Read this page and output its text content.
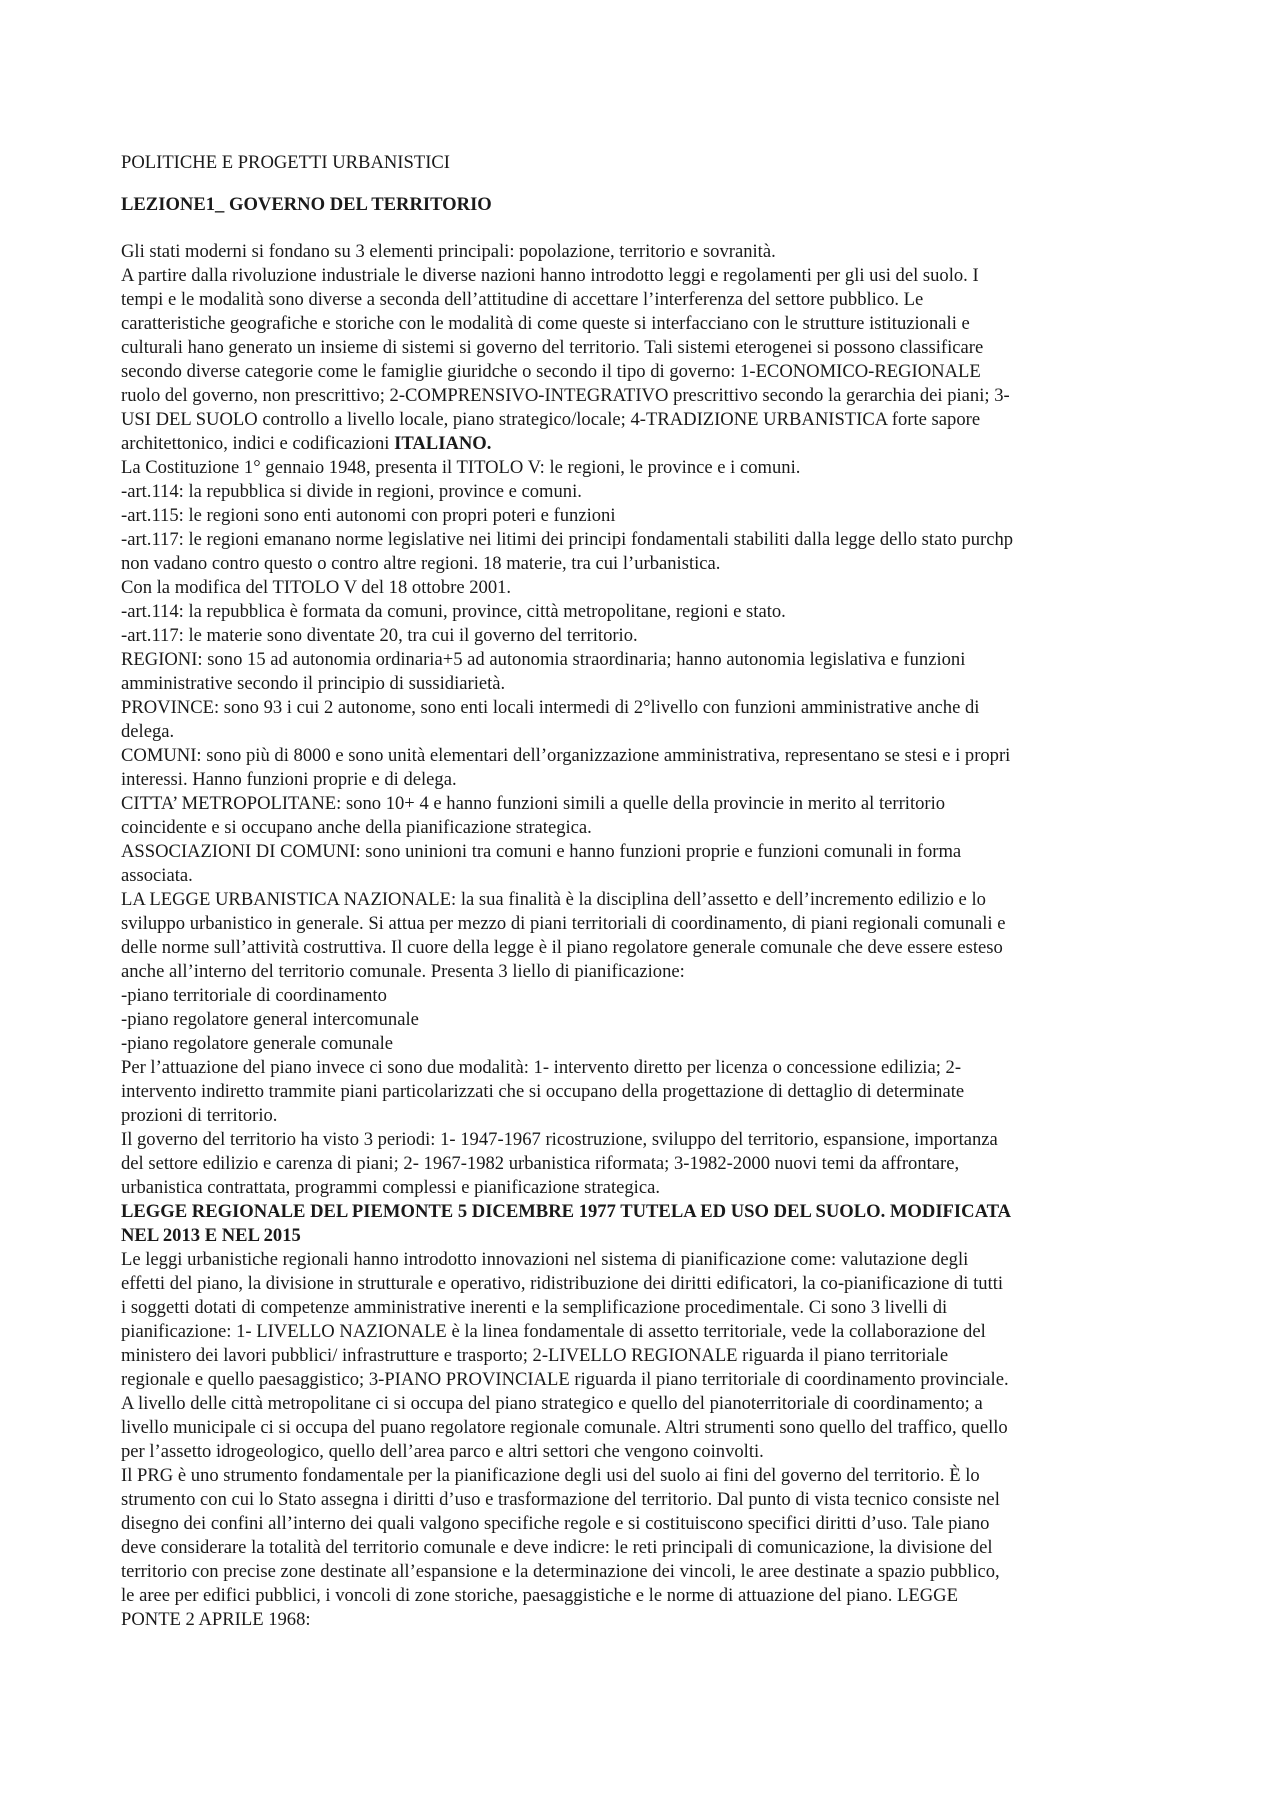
POLITICHE E PROGETTI URBANISTICI

LEZIONE1_ GOVERNO DEL TERRITORIO

Gli stati moderni si fondano su 3 elementi principali: popolazione, territorio e sovranità.
A partire dalla rivoluzione industriale le diverse nazioni hanno introdotto leggi e regolamenti per gli usi del suolo. I
tempi e le modalità sono diverse a seconda dell’attitudine di accettare l’interferenza del settore pubblico. Le
caratteristiche geografiche e storiche con le modalità di come queste si interfacciano con le strutture istituzionali e
culturali hano generato un insieme di sistemi si governo del territorio. Tali sistemi eterogenei si possono classificare
secondo diverse categorie come le famiglie giuridche o secondo il tipo di governo: 1-ECONOMICO-REGIONALE
ruolo del governo, non prescrittivo; 2-COMPRENSIVO-INTEGRATIVO prescrittivo secondo la gerarchia dei piani; 3-
USI DEL SUOLO controllo a livello locale, piano strategico/locale; 4-TRADIZIONE URBANISTICA forte sapore
architettonico, indici e codificazioni ITALIANO.
La Costituzione 1° gennaio 1948, presenta il TITOLO V: le regioni, le province e i comuni.
-art.114: la repubblica si divide in regioni, province e comuni.
-art.115: le regioni sono enti autonomi con propri poteri e funzioni
-art.117: le regioni emanano norme legislative nei litimi dei principi fondamentali stabiliti dalla legge dello stato purchp
non vadano contro questo o contro altre regioni. 18 materie, tra cui l’urbanistica.
Con la modifica del TITOLO V del 18 ottobre 2001.
-art.114: la repubblica è formata da comuni, province, città metropolitane, regioni e stato.
-art.117: le materie sono diventate 20, tra cui il governo del territorio.
REGIONI: sono 15 ad autonomia ordinaria+5 ad autonomia straordinaria; hanno autonomia legislativa e funzioni
amministrative secondo il principio di sussidiarietà.
PROVINCE: sono 93 i cui 2 autonome, sono enti locali intermedi di 2°livello con funzioni amministrative anche di
delega.
COMUNI: sono più di 8000 e sono unità elementari dell’organizzazione amministrativa, representano se stesi e i propri
interessi. Hanno funzioni proprie e di delega.
CITTA’ METROPOLITANE: sono 10+ 4 e hanno funzioni simili a quelle della provincie in merito al territorio
coincidente e si occupano anche della pianificazione strategica.
ASSOCIAZIONI DI COMUNI: sono uninioni tra comuni e hanno funzioni proprie e funzioni comunali in forma
associata.
LA LEGGE URBANISTICA NAZIONALE: la sua finalità è la disciplina dell’assetto e dell’incremento edilizio e lo
sviluppo urbanistico in generale. Si attua per mezzo di piani territoriali di coordinamento, di piani regionali comunali e
delle norme sull’attività costruttiva. Il cuore della legge è il piano regolatore generale comunale che deve essere esteso
anche all’interno del territorio comunale. Presenta 3 liello di pianificazione:
-piano territoriale di coordinamento
-piano regolatore general intercomunale
-piano regolatore generale comunale
Per l’attuazione del piano invece ci sono due modalità: 1- intervento diretto per licenza o concessione edilizia; 2-
intervento indiretto trammite piani particolarizzati che si occupano della progettazione di dettaglio di determinate
prozioni di territorio.
Il governo del territorio ha visto 3 periodi: 1- 1947-1967 ricostruzione, sviluppo del territorio, espansione, importanza
del settore edilizio e carenza di piani; 2- 1967-1982 urbanistica riformata; 3-1982-2000 nuovi temi da affrontare,
urbanistica contrattata, programmi complessi e pianificazione strategica.
LEGGE REGIONALE DEL PIEMONTE 5 DICEMBRE 1977 TUTELA ED USO DEL SUOLO. MODIFICATA
NEL 2013 E NEL 2015
Le leggi urbanistiche regionali hanno introdotto innovazioni nel sistema di pianificazione come: valutazione degli
effetti del piano, la divisione in strutturale e operativo, ridistribuzione dei diritti edificatori, la co-pianificazione di tutti
i soggetti dotati di competenze amministrative inerenti e la semplificazione procedimentale. Ci sono 3 livelli di
pianificazione: 1- LIVELLO NAZIONALE è la linea fondamentale di assetto territoriale, vede la collaborazione del
ministero dei lavori pubblici/ infrastrutture e trasporto; 2-LIVELLO REGIONALE riguarda il piano territoriale
regionale e quello paesaggistico; 3-PIANO PROVINCIALE riguarda il piano territoriale di coordinamento provinciale.
A livello delle città metropolitane ci si occupa del piano strategico e quello del pianoterritoriale di coordinamento; a
livello municipale ci si occupa del puano regolatore regionale comunale. Altri strumenti sono quello del traffico, quello
per l’assetto idrogeologico, quello dell’area parco e altri settori che vengono coinvolti.
Il PRG è uno strumento fondamentale per la pianificazione degli usi del suolo ai fini del governo del territorio. È lo
strumento con cui lo Stato assegna i diritti d’uso e trasformazione del territorio. Dal punto di vista tecnico consiste nel
disegno dei confini all’interno dei quali valgono specifiche regole e si costituiscono specifici diritti d’uso. Tale piano
deve considerare la totalità del territorio comunale e deve indicre: le reti principali di comunicazione, la divisione del
territorio con precise zone destinate all’espansione e la determinazione dei vincoli, le aree destinate a spazio pubblico,
le aree per edifici pubblici, i voncoli di zone storiche, paesaggistiche e le norme di attuazione del piano. LEGGE
PONTE 2 APRILE 1968:
